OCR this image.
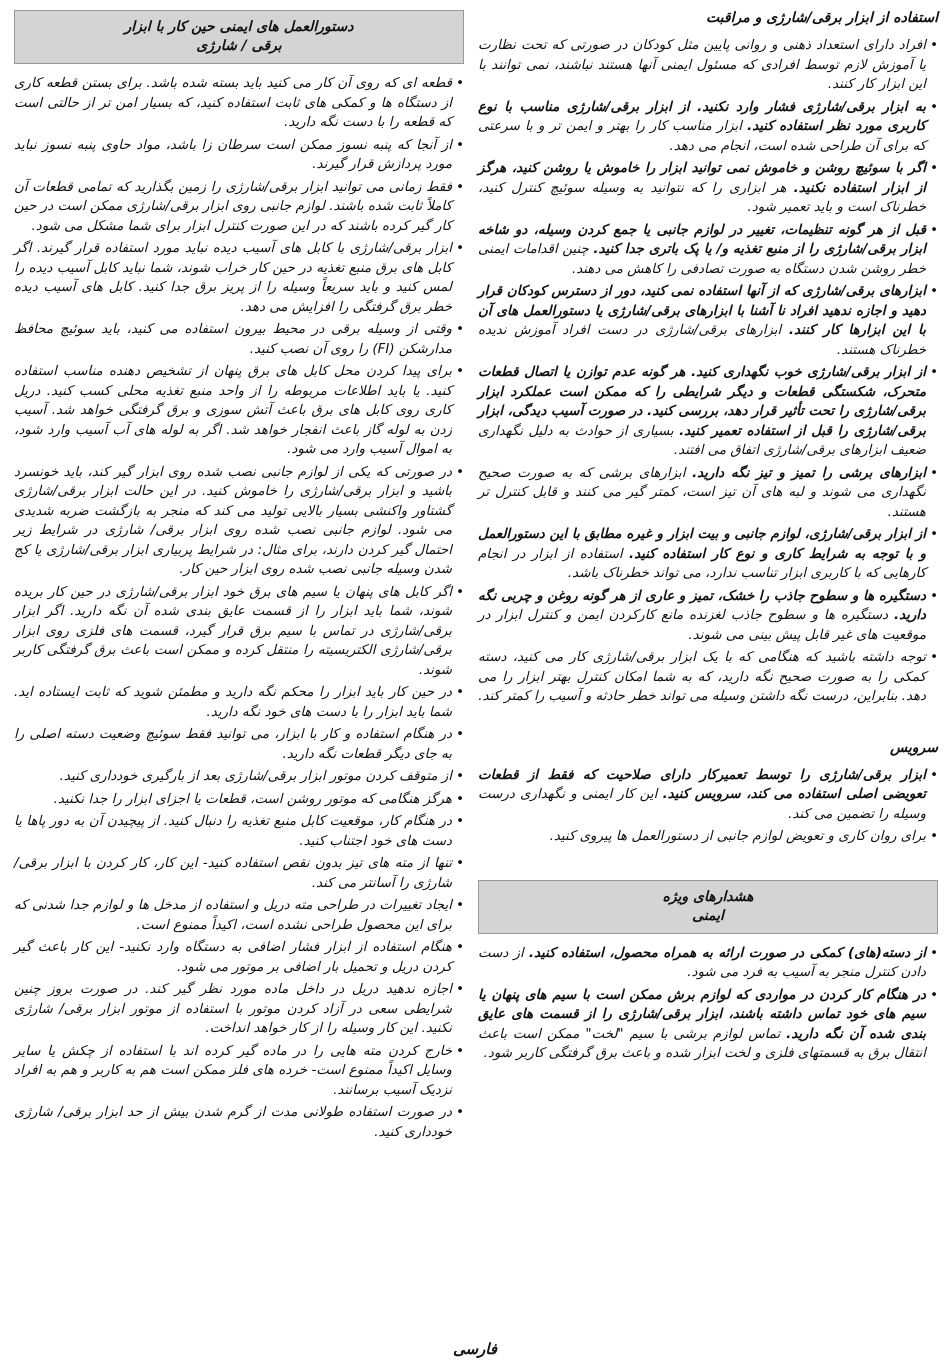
استفاده از ابزار برقی/شارژی و مراقبت
• افراد دارای استعداد ذهنی و روانی پایین مثل کودکان در صورتی که تحت نظارت یا آموزش لازم توسط افرادی که مسئول ایمنی آنها هستند نباشند، نمی توانند با این ابزار کار کنند.
• به ابزار برقی/شارژی فشار وارد نکنید. از ابزار برقی/شارژی مناسب با نوع کاربری مورد نظر استفاده کنید. ابزار مناسب کار را بهتر و ایمن تر و با سرعتی که برای آن طراحی شده است، انجام می دهد.
• اگر با سوئیچ روشن و خاموش نمی توانید ابزار را خاموش یا روشن کنید، هرگز از ابزار استفاده نکنید. هر ابزاری را که نتوانید به وسیله سوئیچ کنترل کنید، خطرناک است و باید تعمیر شود.
• قبل از هر گونه تنظیمات، تغییر در لوازم جانبی یا جمع کردن وسیله، دو شاخه ابزار برقی/شارژی را از منبع تغذیه و/ یا پک باتری جدا کنید. چنین اقدامات ایمنی خطر روشن شدن دستگاه به صورت تصادفی را کاهش می دهند.
• ابزارهای برقی/شارژی که از آنها استفاده نمی کنید، دور از دسترس کودکان قرار دهید و اجازه ندهید افراد نا آشنا با ابزارهای برقی/شارژی یا دستورالعمل های آن با این ابزارها کار کنند. ابزارهای برقی/شارژی در دست افراد آموزش ندیده خطرناک هستند.
• از ابزار برقی/شارژی خوب نگهداری کنید. هر گونه عدم توازن یا اتصال قطعات متحرک، شکستگی قطعات و دیگر شرایطی را که ممکن است عملکرد ابزار برقی/شارژی را تحت تأثیر قرار دهد، بررسی کنید. در صورت آسیب دیدگی، ابزار برقی/شارژی را قبل از استفاده تعمیر کنید. بسیاری از حوادث به دلیل نگهداری ضعیف ابزارهای برقی/شارژی اتفاق می افتند.
• ابزارهای برشی را تمیز و تیز نگه دارید. ابزارهای برشی که به صورت صحیح نگهداری می شوند و لبه های آن تیز است، کمتر گیر می کنند و قابل کنترل تر هستند.
• از ابزار برقی/شارژی، لوازم جانبی و بیت ابزار و غیره مطابق با این دستورالعمل و با توجه به شرایط کاری و نوع کار استفاده کنید. استفاده از ابزار در انجام کارهایی که با کاربری ابزار تناسب ندارد، می تواند خطرناک باشد.
• دستگیره ها و سطوح جاذب را خشک، تمیز و عاری از هر گونه روغن و چربی نگه دارید. دستگیره ها و سطوح جاذب لغزنده مانع کارکردن ایمن و کنترل ابزار در موقعیت های غیر قابل پیش بینی می شوند.
• توجه داشته باشید که هنگامی که با یک ابزار برقی/شارژی کار می کنید، دسته کمکی را به صورت صحیح نگه دارید، که به شما امکان کنترل بهتر ابزار را می دهد. بنابراین، درست نگه داشتن وسیله می تواند خطر حادثه و آسیب را کمتر کند.
سرویس
• ابزار برقی/شارژی را توسط تعمیرکار دارای صلاحیت که فقط از قطعات تعویضی اصلی استفاده می کند، سرویس کنید. این کار ایمنی و نگهداری درست وسیله را تضمین می کند.
• برای روان کاری و تعویض لوازم جانبی از دستورالعمل ها پیروی کنید.
هشدارهای ویژه
ایمنی
• از دسته(های) کمکی در صورت ارائه به همراه محصول، استفاده کنید. از دست دادن کنترل منجر به آسیب به فرد می شود.
• در هنگام کار کردن در مواردی که لوازم برش ممکن است با سیم های پنهان یا سیم های خود تماس داشته باشند، ابزار برقی/شارژی را از قسمت های عایق بندی شده آن نگه دارید. تماس لوازم برشی با سیم "لخت" ممکن است باعث انتقال برق به قسمتهای فلزی و لخت ابزار شده و باعث برق گرفتگی کاربر شود.
دستورالعمل های ایمنی حین کار با ابزار
برقی / شارژی
• قطعه ای که روی آن کار می کنید باید بسته شده باشد. برای بستن قطعه کاری از دستگاه ها و کمکی های ثابت استفاده کنید، که بسیار امن تر از حالتی است که قطعه را با دست نگه دارید.
• از آنجا که پنبه نسوز ممکن است سرطان زا باشد، مواد حاوی پنبه نسوز نباید مورد پردازش قرار گیرند.
• فقط زمانی می توانید ابزار برقی/شارژی را زمین بگذارید که تمامی قطعات آن کاملاً ثابت شده باشند. لوازم جانبی روی ابزار برقی/شارژی ممکن است در حین کار گیر کرده باشند که در این صورت کنترل ابزار برای شما مشکل می شود.
• ابزار برقی/شارژی با کابل های آسیب دیده نباید مورد استفاده قرار گیرند. اگر کابل های برق منبع تغذیه در حین کار خراب شوند، شما نباید کابل آسیب دیده را لمس کنید و باید سریعاً وسیله را از پریز برق جدا کنید. کابل های آسیب دیده خطر برق گرفتگی را افزایش می دهد.
• وقتی از وسیله برقی در محیط بیرون استفاده می کنید، باید سوئیچ محافظ مدارشکن (FI) را روی آن نصب کنید.
• برای پیدا کردن محل کابل های برق پنهان از تشخیص دهنده مناسب استفاده کنید. یا باید اطلاعات مربوطه را از واحد منبع تغذیه محلی کسب کنید. دریل کاری روی کابل های برق باعث آتش سوزی و برق گرفتگی خواهد شد. آسیب زدن به لوله گاز باعث انفجار خواهد شد. اگر به لوله های آب آسیب وارد شود، به اموال آسیب وارد می شود.
• در صورتی که یکی از لوازم جانبی نصب شده روی ابزار گیر کند، باید خونسرد باشید و ابزار برقی/شارژی را خاموش کنید. در این حالت ابزار برقی/شارژی گشتاور واکنشی بسیار بالایی تولید می کند که منجر به بازگشت ضربه شدیدی می شود. لوازم جانبی نصب شده روی ابزار برقی/ شارژی در شرایط زیر احتمال گیر کردن دارند، برای مثال: در شرایط پربیاری ابزار برقی/شارژی یا کج شدن وسیله جانبی نصب شده روی ابزار حین کار.
• اگر کابل های پنهان یا سیم های برق خود ابزار برقی/شارژی در حین کار بریده شوند، شما باید ابزار را از قسمت عایق بندی شده آن نگه دارید. اگر ابزار برقی/شارژی در تماس با سیم برق قرار گیرد، قسمت های فلزی روی ابزار برقی/شارژی الکتریسیته را منتقل کرده و ممکن است باعث برق گرفتگی کاربر شوند.
• در حین کار باید ابزار را محکم نگه دارید و مطمئن شوید که ثابت ایستاده اید. شما باید ابزار را با دست های خود نگه دارید.
• در هنگام استفاده و کار با ابزار، می توانید فقط سوئیچ وضعیت دسته اصلی را به جای دیگر قطعات نگه دارید.
• از متوقف کردن موتور ابزار برقی/شارژی بعد از بارگیری خودداری کنید.
• هرگز هنگامی که موتور روشن است، قطعات یا اجزای ابزار را جدا نکنید.
• در هنگام کار، موقعیت کابل منبع تغذیه را دنبال کنید. از پیچیدن آن به دور پاها یا دست های خود اجتناب کنید.
• تنها از مته های تیز بدون نقص استفاده کنید- این کار، کار کردن با ابزار برقی/شارژی را آسانتر می کند.
• ایجاد تغییرات در طراحی مته دریل و استفاده از مدخل ها و لوازم جدا شدنی که برای این محصول طراحی نشده است، اکیداً ممنوع است.
• هنگام استفاده از ابزار فشار اضافی به دستگاه وارد نکنید- این کار باعث گیر کردن دریل و تحمیل بار اضافی بر موتور می شود.
• اجازه ندهید دریل در داخل ماده مورد نظر گیر کند. در صورت بروز چنین شرایطی سعی در آزاد کردن موتور با استفاده از موتور ابزار برقی/ شارژی نکنید. این کار وسیله را از کار خواهد انداخت.
• خارج کردن مته هایی را در ماده گیر کرده اند با استفاده از چکش یا سایر وسایل اکیداً ممنوع است- خرده های فلز ممکن است هم به کاربر و هم به افراد نزدیک آسیب برسانند.
• در صورت استفاده طولانی مدت از گرم شدن بیش از حد ابزار برقی/ شارژی خودداری کنید.
فارسی
